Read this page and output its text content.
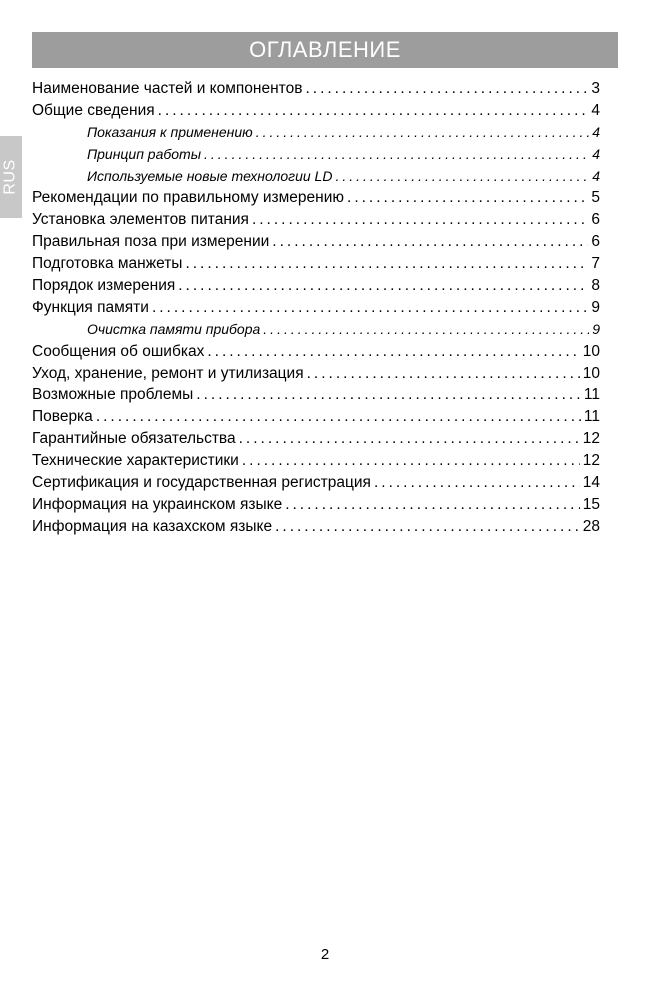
ОГЛАВЛЕНИЕ
RUS
Наименование частей и компонентов .....	3
Общие сведения .....	4
Показания к применению .....	4
Принцип работы .....	4
Используемые новые технологии LD .....	4
Рекомендации по правильному измерению .....	5
Установка элементов питания .....	6
Правильная поза при измерении .....	6
Подготовка манжеты .....	7
Порядок измерения .....	8
Функция памяти .....	9
Очистка памяти прибора .....	9
Сообщения об ошибках .....	10
Уход, хранение, ремонт и утилизация .....	10
Возможные проблемы .....	11
Поверка .....	11
Гарантийные обязательства .....	12
Технические характеристики .....	12
Сертификация и государственная регистрация .....	14
Информация на украинском языке .....	15
Информация на казахском языке .....	28
2
